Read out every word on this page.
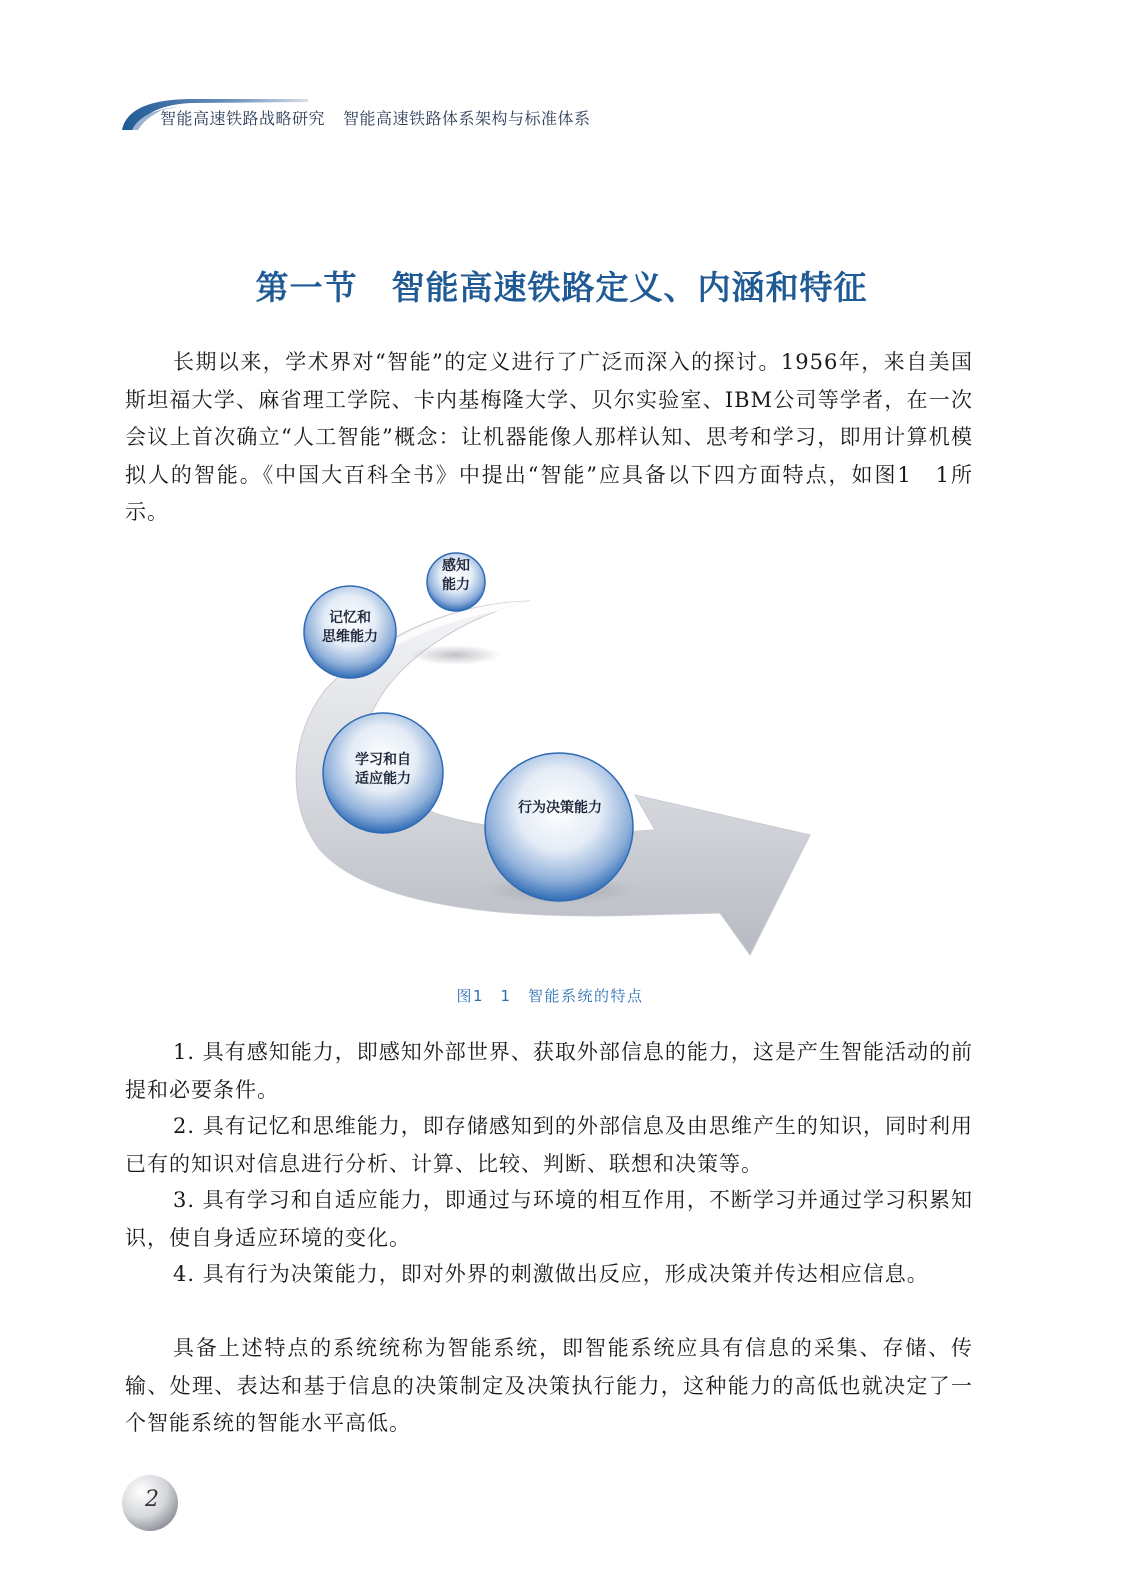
智能高速铁路战略研究 智能高速铁路体系架构与标准体系
第一节　智能高速铁路定义、内涵和特征
长期以来，学术界对“智能”的定义进行了广泛而深入的探讨。1956年，来自美国斯坦福大学、麻省理工学院、卡内基梅隆大学、贝尔实验室、IBM公司等学者，在一次会议上首次确立“人工智能”概念：让机器能像人那样认知、思考和学习，即用计算机模拟人的智能。《中国大百科全书》中提出“智能”应具备以下四方面特点，如图1　1所示。
感知
能力
记忆和
思维能力
学习和自
适应能力
行为决策能力
图1　1　智能系统的特点
1. 具有感知能力，即感知外部世界、获取外部信息的能力，这是产生智能活动的前提和必要条件。
2. 具有记忆和思维能力，即存储感知到的外部信息及由思维产生的知识，同时利用已有的知识对信息进行分析、计算、比较、判断、联想和决策等。
3. 具有学习和自适应能力，即通过与环境的相互作用，不断学习并通过学习积累知识，使自身适应环境的变化。
4. 具有行为决策能力，即对外界的刺激做出反应，形成决策并传达相应信息。
具备上述特点的系统统称为智能系统，即智能系统应具有信息的采集、存储、传输、处理、表达和基于信息的决策制定及决策执行能力，这种能力的高低也就决定了一个智能系统的智能水平高低。
2
